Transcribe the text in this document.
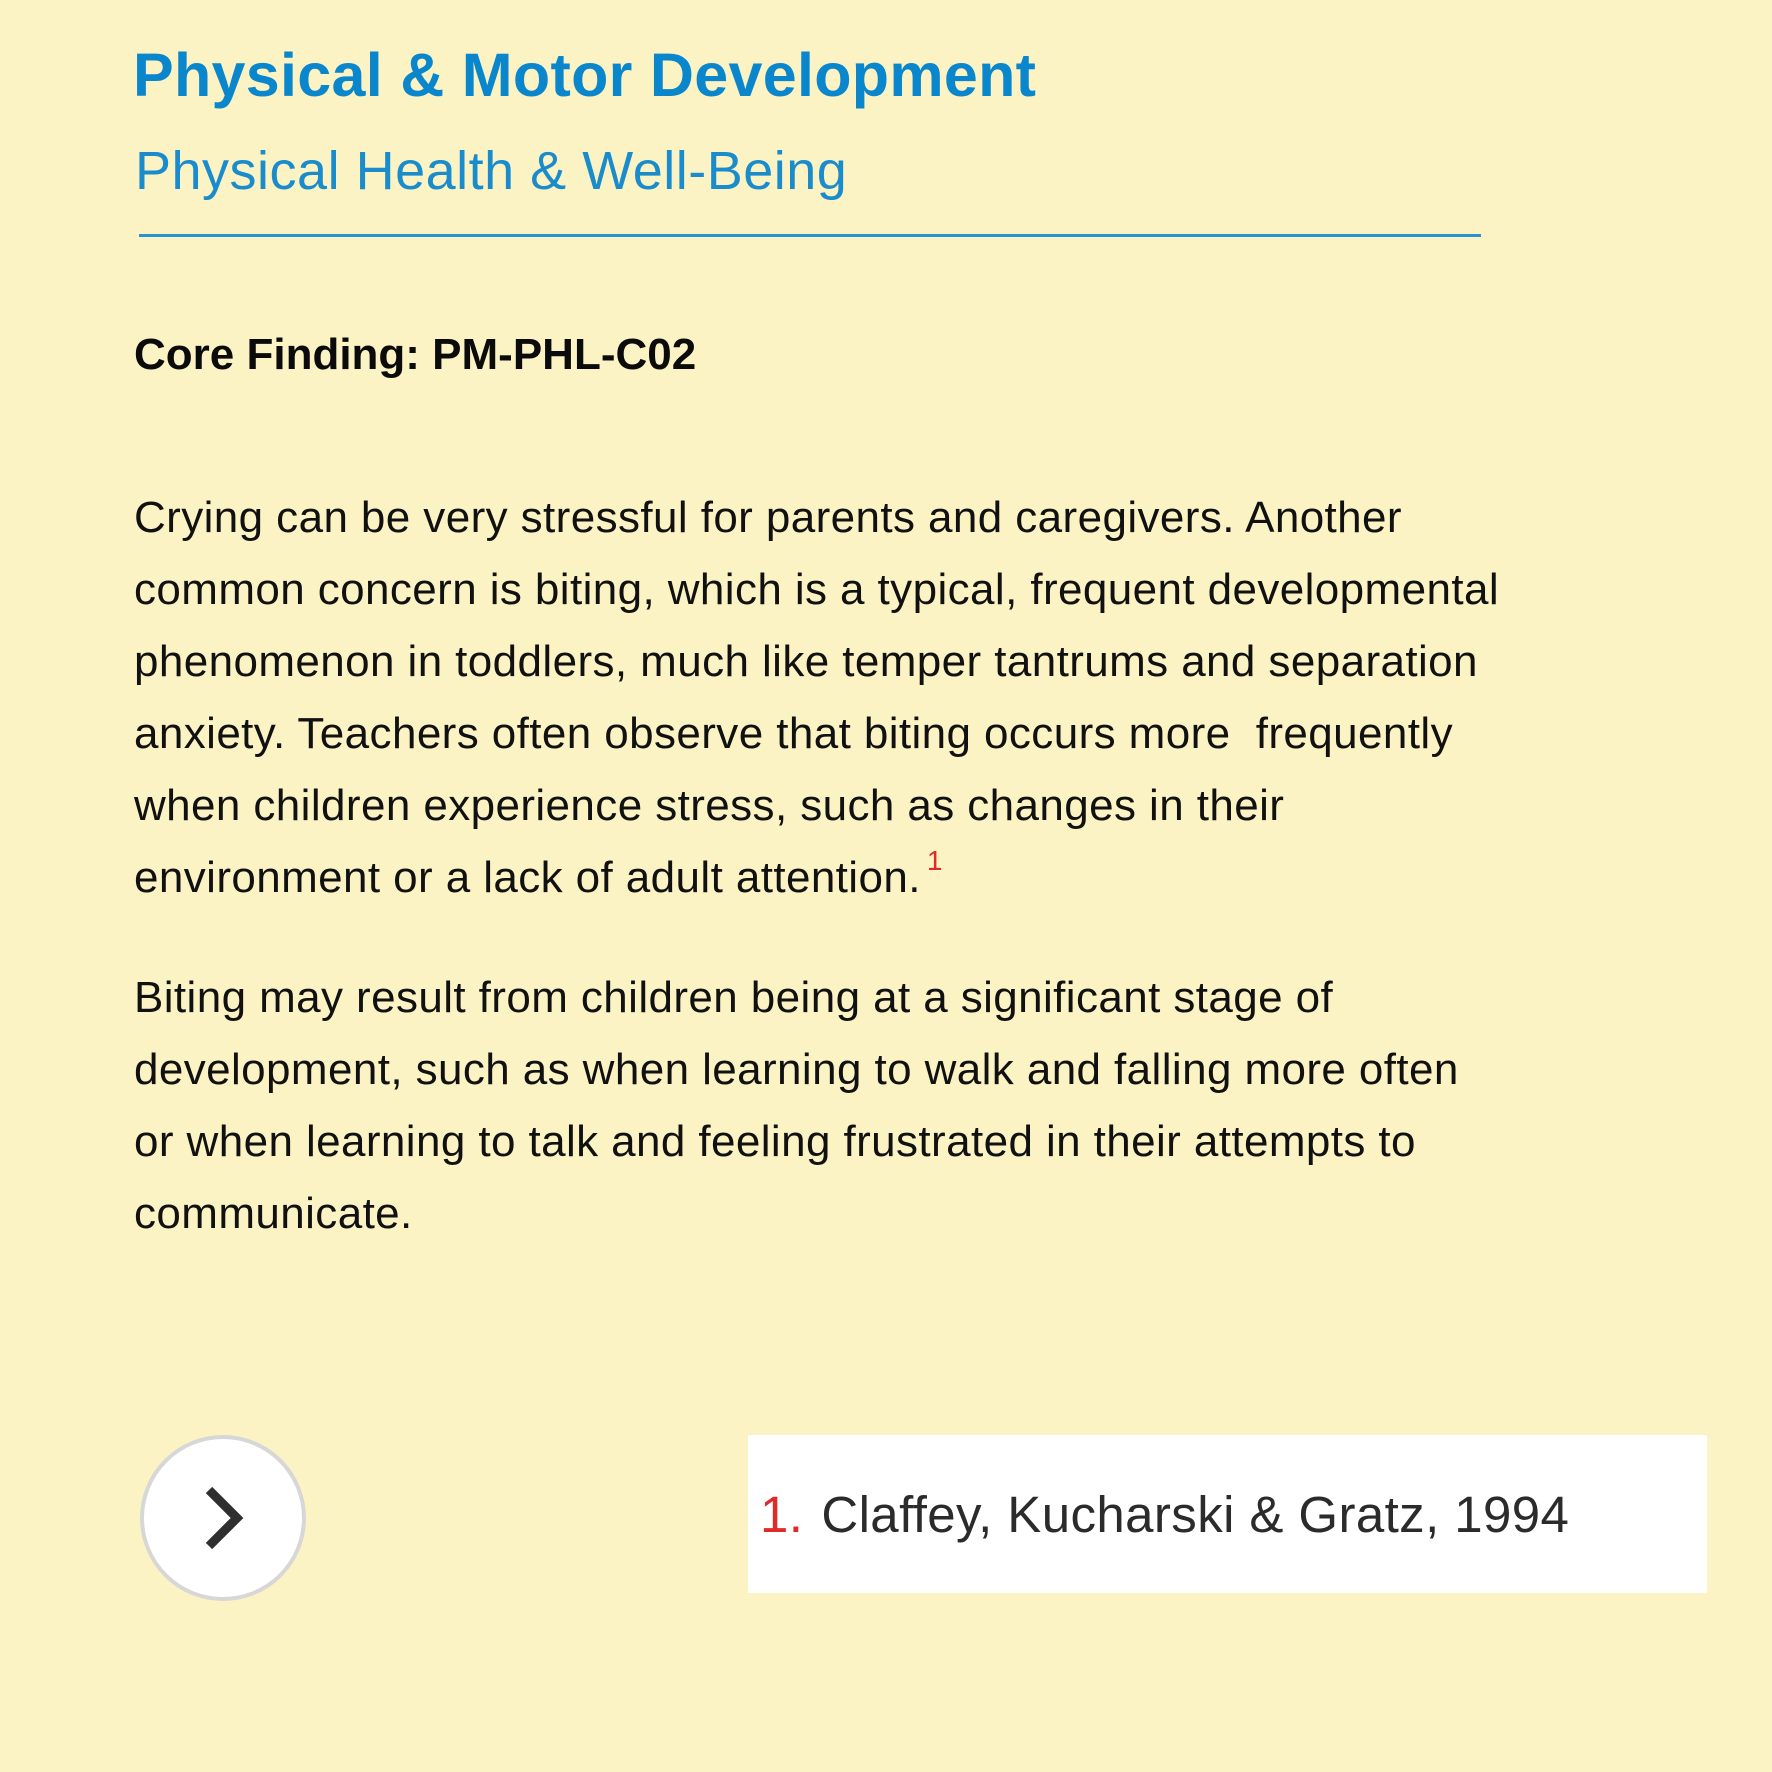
Physical & Motor Development
Physical Health & Well-Being
Core Finding: PM-PHL-C02

Crying can be very stressful for parents and caregivers. Another
common concern is biting, which is a typical, frequent developmental
phenomenon in toddlers, much like temper tantrums and separation
anxiety. Teachers often observe that biting occurs more  frequently
when children experience stress, such as changes in their
environment or a lack of adult attention. $^1$

Biting may result from children being at a significant stage of
development, such as when learning to walk and falling more often
or when learning to talk and feeling frustrated in their attempts to
communicate.

1. Claffey, Kucharski & Gratz, 1994
